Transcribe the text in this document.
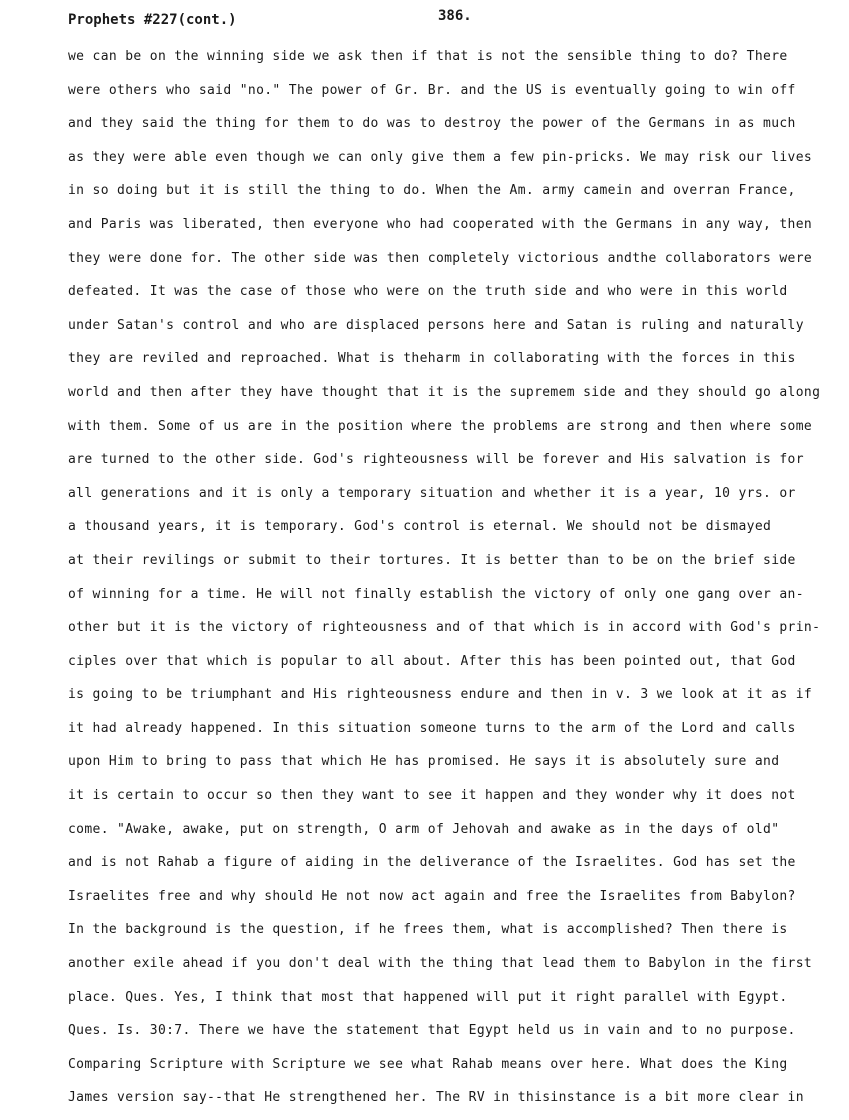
Prophets #227(cont.)	386.
we can be on the winning side we ask then if that is not the sensible thing to do? There
were others who said "no." The power of Gr. Br. and the US is eventually going to win off
and they said the thing for them to do was to destroy the power of the Germans in as much
as they were able even though we can only give them a few pin-pricks. We may risk our lives
in so doing but it is still the thing to do. When the Am. army camein and overran France,
and Paris was liberated, then everyone who had cooperated with the Germans in any way, then
they were done for. The other side was then completely victorious andthe collaborators were
defeated. It was the case of those who were on the truth side and who were in this world
under Satan's control and who are displaced persons here and Satan is ruling and naturally
they are reviled and reproached. What is theharm in collaborating with the forces in this
world and then after they have thought that it is the supremem side and they should go along
with them. Some of us are in the position where the problems are strong and then where some
are turned to the other side. God's righteousness will be forever and His salvation is for
all generations and it is only a temporary situation and whether it is a year, 10 yrs. or
a thousand years, it is temporary. God's control is eternal. We should not be dismayed
at their revilings or submit to their tortures. It is better than to be on the brief side
of winning for a time. He will not finally establish the victory of only one gang over an-
other but it is the victory of righteousness and of that which is in accord with God's prin-
ciples over that which is popular to all about. After this has been pointed out, that God
is going to be triumphant and His righteousness endure and then in v. 3 we look at it as if
it had already happened. In this situation someone turns to the arm of the Lord and calls
upon Him to bring to pass that which He has promised. He says it is absolutely sure and
it is certain to occur so then they want to see it happen and they wonder why it does not
come. "Awake, awake, put on strength, O arm of Jehovah and awake as in the days of old"
and is not Rahab a figure of aiding in the deliverance of the Israelites. God has set the
Israelites free and why should He not now act again and free the Israelites from Babylon?
In the background is the question, if he frees them, what is accomplished? Then there is
another exile ahead if you don't deal with the thing that lead them to Babylon in the first
place. Ques. Yes, I think that most that happened will put it right parallel with Egypt.
Ques. Is. 30:7. There we have the statement that Egypt held us in vain and to no purpose.
Comparing Scripture with Scripture we see what Rahab means over here. What does the King
James version say--that He strengthened her. The RV in thisinstance is a bit more clear in
